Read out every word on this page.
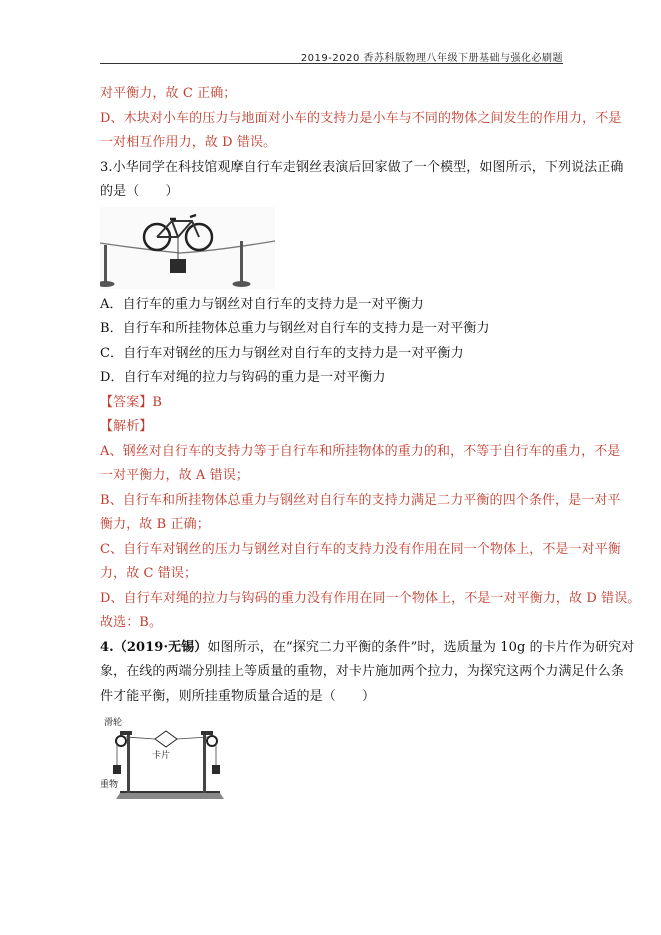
2019-2020 香苏科版物理八年级下册基础与强化必刷题

对平衡力，故 C 正确；

D、木块对小车的压力与地面对小车的支持力是小车与不同的物体之间发生的作用力，不是

一对相互作用力，故 D 错误。

3.小华同学在科技馆观摩自行车走钢丝表演后回家做了一个模型，如图所示，下列说法正确

的是（　　）

A．自行车的重力与钢丝对自行车的支持力是一对平衡力

B．自行车和所挂物体总重力与钢丝对自行车的支持力是一对平衡力

C．自行车对钢丝的压力与钢丝对自行车的支持力是一对平衡力

D．自行车对绳的拉力与钩码的重力是一对平衡力

【答案】B

【解析】

A、钢丝对自行车的支持力等于自行车和所挂物体的重力的和，不等于自行车的重力，不是

一对平衡力，故 A 错误；

B、自行车和所挂物体总重力与钢丝对自行车的支持力满足二力平衡的四个条件，是一对平

衡力，故 B 正确；

C、自行车对钢丝的压力与钢丝对自行车的支持力没有作用在同一个物体上，不是一对平衡

力，故 C 错误；

D、自行车对绳的拉力与钩码的重力没有作用在同一个物体上，不是一对平衡力，故 D 错误。

故选：B。

4.（2019·无锡）如图所示，在“探究二力平衡的条件”时，选质量为 10g 的卡片作为研究对

象，在线的两端分别挂上等质量的重物，对卡片施加两个拉力，为探究这两个力满足什么条

件才能平衡，则所挂重物质量合适的是（　　）

滑轮
卡片
重物
